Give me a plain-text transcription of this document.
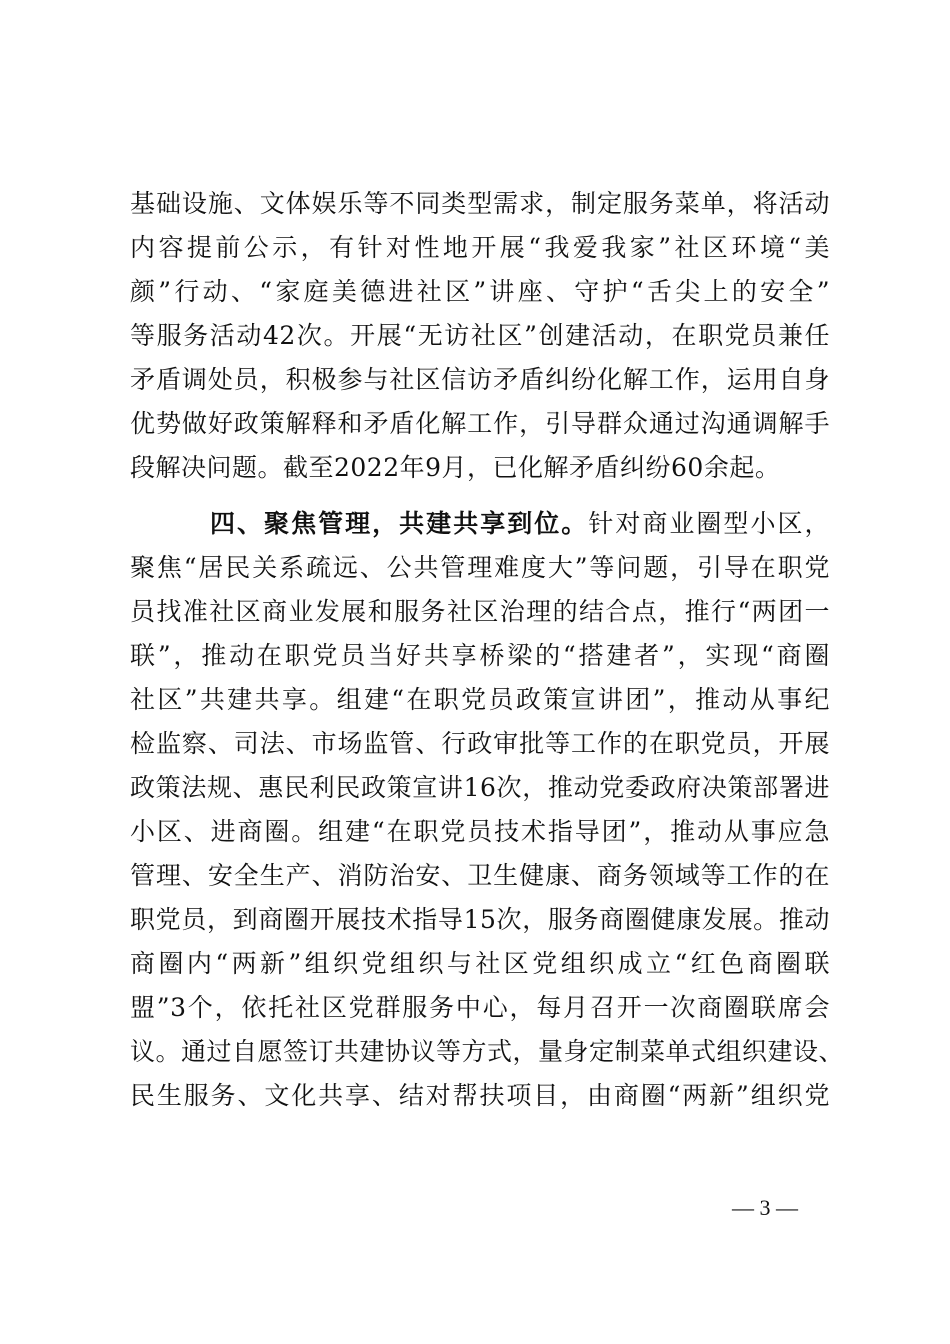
基础设施、文体娱乐等不同类型需求，制定服务菜单，将活动
内容提前公示，有针对性地开展“我爱我家”社区环境“美
颜”行动、“家庭美德进社区”讲座、守护“舌尖上的安全”
等服务活动42次。开展“无访社区”创建活动，在职党员兼任
矛盾调处员，积极参与社区信访矛盾纠纷化解工作，运用自身
优势做好政策解释和矛盾化解工作，引导群众通过沟通调解手
段解决问题。截至2022年9月，已化解矛盾纠纷60余起。
四、聚焦管理，共建共享到位。针对商业圈型小区，
聚焦“居民关系疏远、公共管理难度大”等问题，引导在职党
员找准社区商业发展和服务社区治理的结合点，推行“两团一
联”，推动在职党员当好共享桥梁的“搭建者”，实现“商圈
社区”共建共享。组建“在职党员政策宣讲团”，推动从事纪
检监察、司法、市场监管、行政审批等工作的在职党员，开展
政策法规、惠民利民政策宣讲16次，推动党委政府决策部署进
小区、进商圈。组建“在职党员技术指导团”，推动从事应急
管理、安全生产、消防治安、卫生健康、商务领域等工作的在
职党员，到商圈开展技术指导15次，服务商圈健康发展。推动
商圈内“两新”组织党组织与社区党组织成立“红色商圈联
盟”3个，依托社区党群服务中心，每月召开一次商圈联席会
议。通过自愿签订共建协议等方式，量身定制菜单式组织建设、
民生服务、文化共享、结对帮扶项目，由商圈“两新”组织党
— 3 —
